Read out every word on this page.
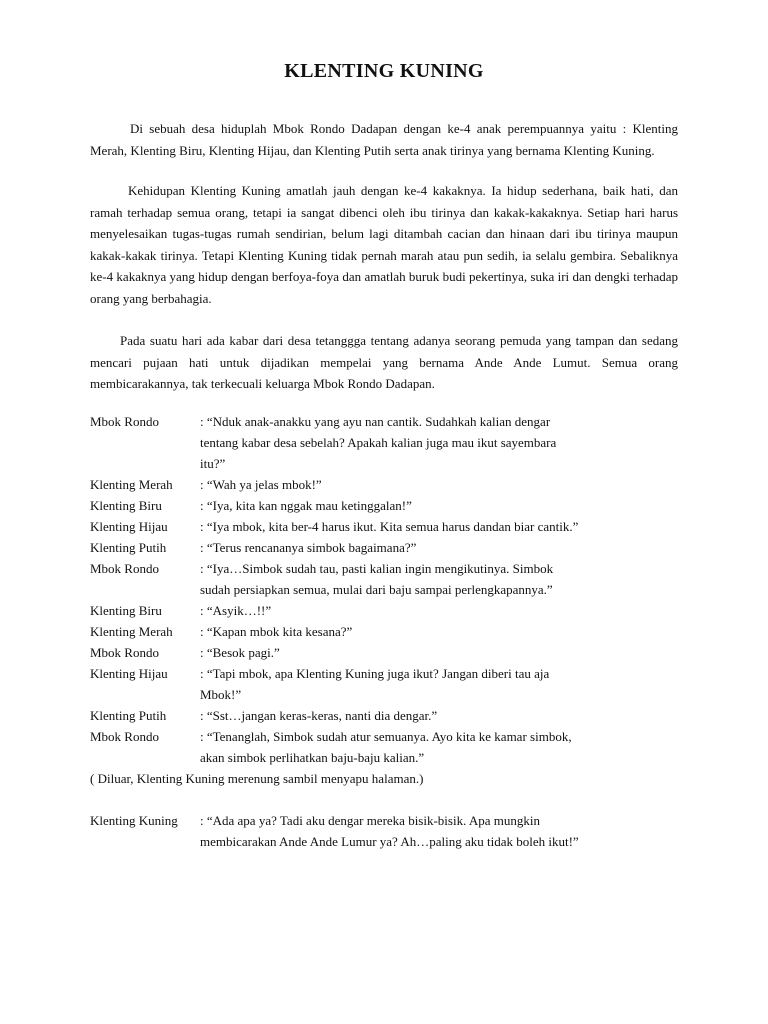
KLENTING KUNING

Di sebuah desa hiduplah Mbok Rondo Dadapan dengan ke-4 anak perempuannya yaitu : Klenting Merah, Klenting Biru, Klenting Hijau, dan Klenting Putih serta anak tirinya yang bernama Klenting Kuning.

Kehidupan Klenting Kuning amatlah jauh dengan ke-4 kakaknya. Ia hidup sederhana, baik hati, dan ramah terhadap semua orang, tetapi ia sangat dibenci oleh ibu tirinya dan kakak-kakaknya. Setiap hari harus menyelesaikan tugas-tugas rumah sendirian, belum lagi ditambah cacian dan hinaan dari ibu tirinya maupun kakak-kakak tirinya. Tetapi Klenting Kuning tidak pernah marah atau pun sedih, ia selalu gembira. Sebaliknya ke-4 kakaknya yang hidup dengan berfoya-foya dan amatlah buruk budi pekertinya, suka iri dan dengki terhadap orang yang berbahagia.

Pada suatu hari ada kabar dari desa tetanggga tentang adanya seorang pemuda yang tampan dan sedang mencari pujaan hati untuk dijadikan mempelai yang bernama Ande Ande Lumut. Semua orang membicarakannya, tak terkecuali keluarga Mbok Rondo Dadapan.

Mbok Rondo	: “Nduk anak-anakku yang ayu nan cantik. Sudahkah kalian dengar
tentang kabar desa sebelah? Apakah kalian juga mau ikut sayembara
itu?”
Klenting Merah	: “Wah ya jelas mbok!”
Klenting Biru	: “Iya, kita kan nggak mau ketinggalan!”
Klenting Hijau	: “Iya mbok, kita ber-4 harus ikut. Kita semua harus dandan biar cantik.”
Klenting Putih	: “Terus rencananya simbok bagaimana?”
Mbok Rondo	: “Iya…Simbok sudah tau, pasti kalian ingin mengikutinya. Simbok
sudah persiapkan semua, mulai dari baju sampai perlengkapannya.”
Klenting Biru	: “Asyik…!!”
Klenting Merah	: “Kapan mbok kita kesana?”
Mbok Rondo	: “Besok pagi.”
Klenting Hijau	: “Tapi mbok, apa Klenting Kuning juga ikut? Jangan diberi tau aja
Mbok!”
Klenting Putih	: “Sst…jangan keras-keras, nanti dia dengar.”
Mbok Rondo	: “Tenanglah, Simbok sudah atur semuanya. Ayo kita ke kamar simbok,
akan simbok perlihatkan baju-baju kalian.”
( Diluar, Klenting Kuning merenung sambil menyapu halaman.)
Klenting Kuning	: “Ada apa ya? Tadi aku dengar mereka bisik-bisik. Apa mungkin
membicarakan Ande Ande Lumur ya? Ah…paling aku tidak boleh ikut!”
